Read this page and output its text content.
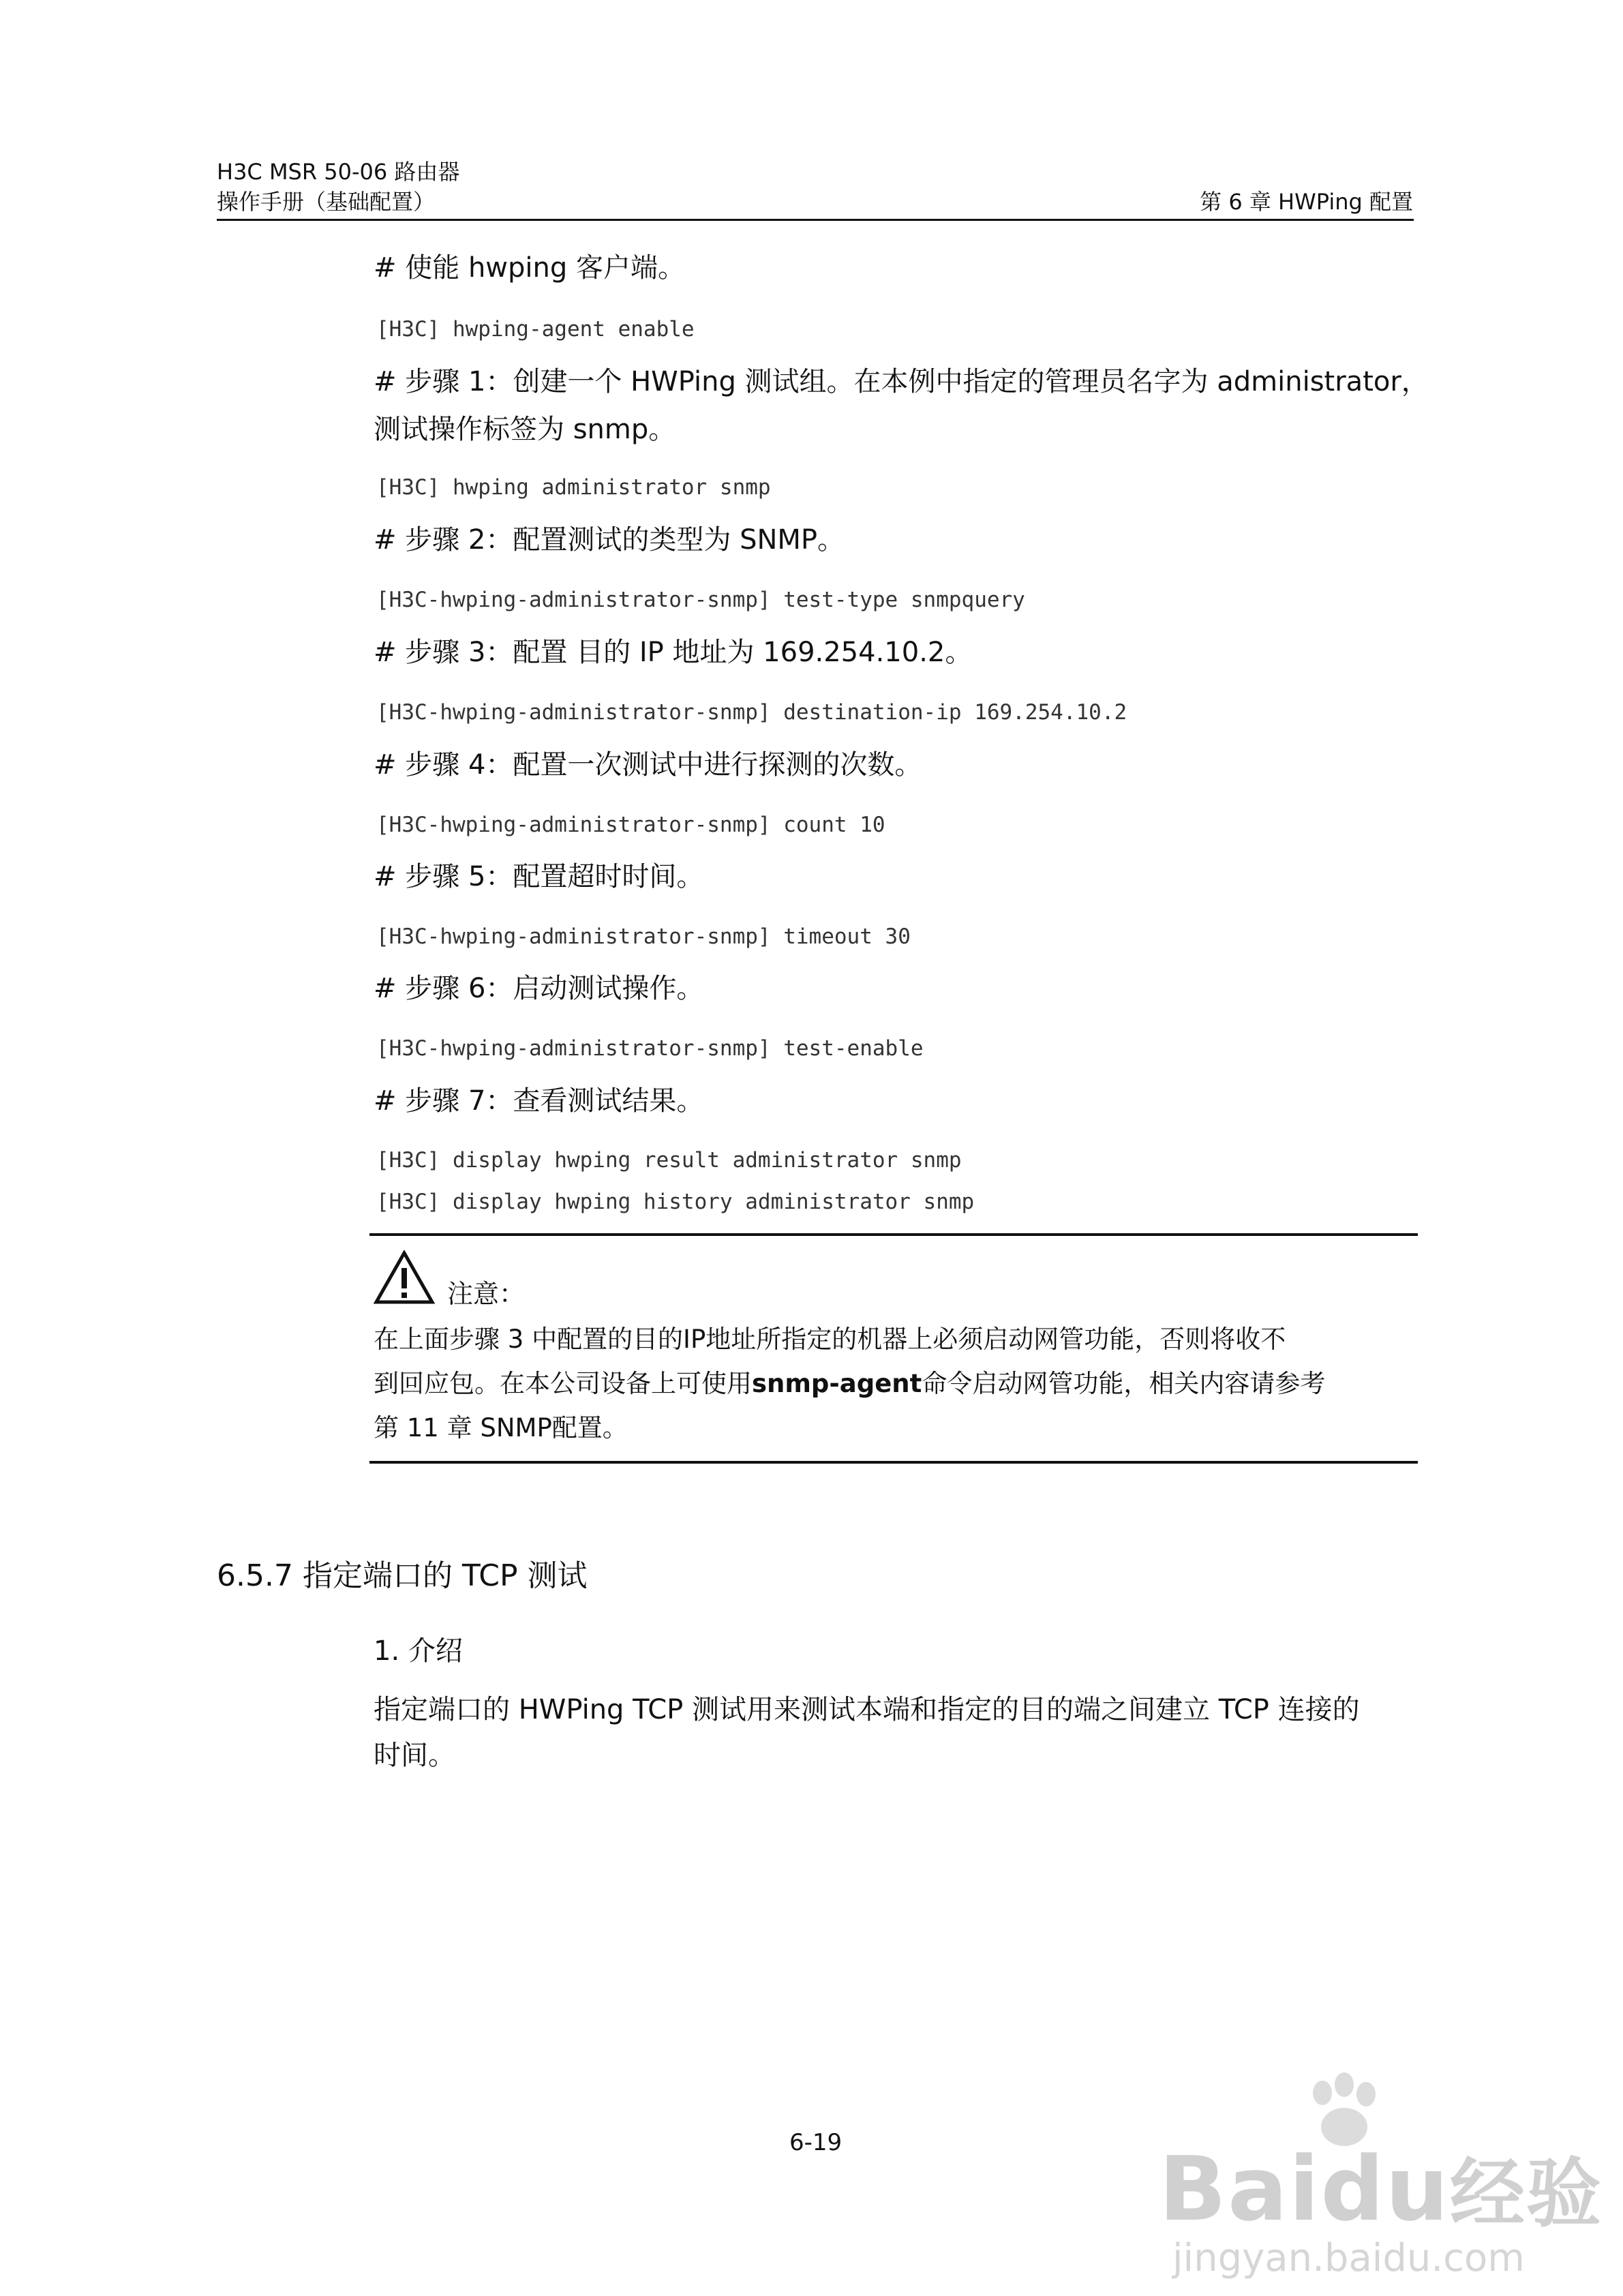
H3C MSR 50-06 路由器
操作手册（基础配置）	第 6 章 HWPing 配置
# 使能 hwping 客户端。
[H3C] hwping-agent enable
# 步骤 1：创建一个 HWPing 测试组。在本例中指定的管理员名字为 administrator，
测试操作标签为 snmp。
[H3C] hwping administrator snmp
# 步骤 2：配置测试的类型为 SNMP。
[H3C-hwping-administrator-snmp] test-type snmpquery
# 步骤 3：配置 目的 IP 地址为 169.254.10.2。
[H3C-hwping-administrator-snmp] destination-ip 169.254.10.2
# 步骤 4：配置一次测试中进行探测的次数。
[H3C-hwping-administrator-snmp] count 10
# 步骤 5：配置超时时间。
[H3C-hwping-administrator-snmp] timeout 30
# 步骤 6：启动测试操作。
[H3C-hwping-administrator-snmp] test-enable
# 步骤 7：查看测试结果。
[H3C] display hwping result administrator snmp
[H3C] display hwping history administrator snmp
注意：
在上面步骤 3 中配置的目的IP地址所指定的机器上必须启动网管功能，否则将收不
到回应包。在本公司设备上可使用snmp-agent命令启动网管功能，相关内容请参考
第 11 章 SNMP配置。
6.5.7 指定端口的 TCP 测试
1. 介绍
指定端口的 HWPing TCP 测试用来测试本端和指定的目的端之间建立 TCP 连接的
时间。
6-19	Baidu经验
jingyan.baidu.com
